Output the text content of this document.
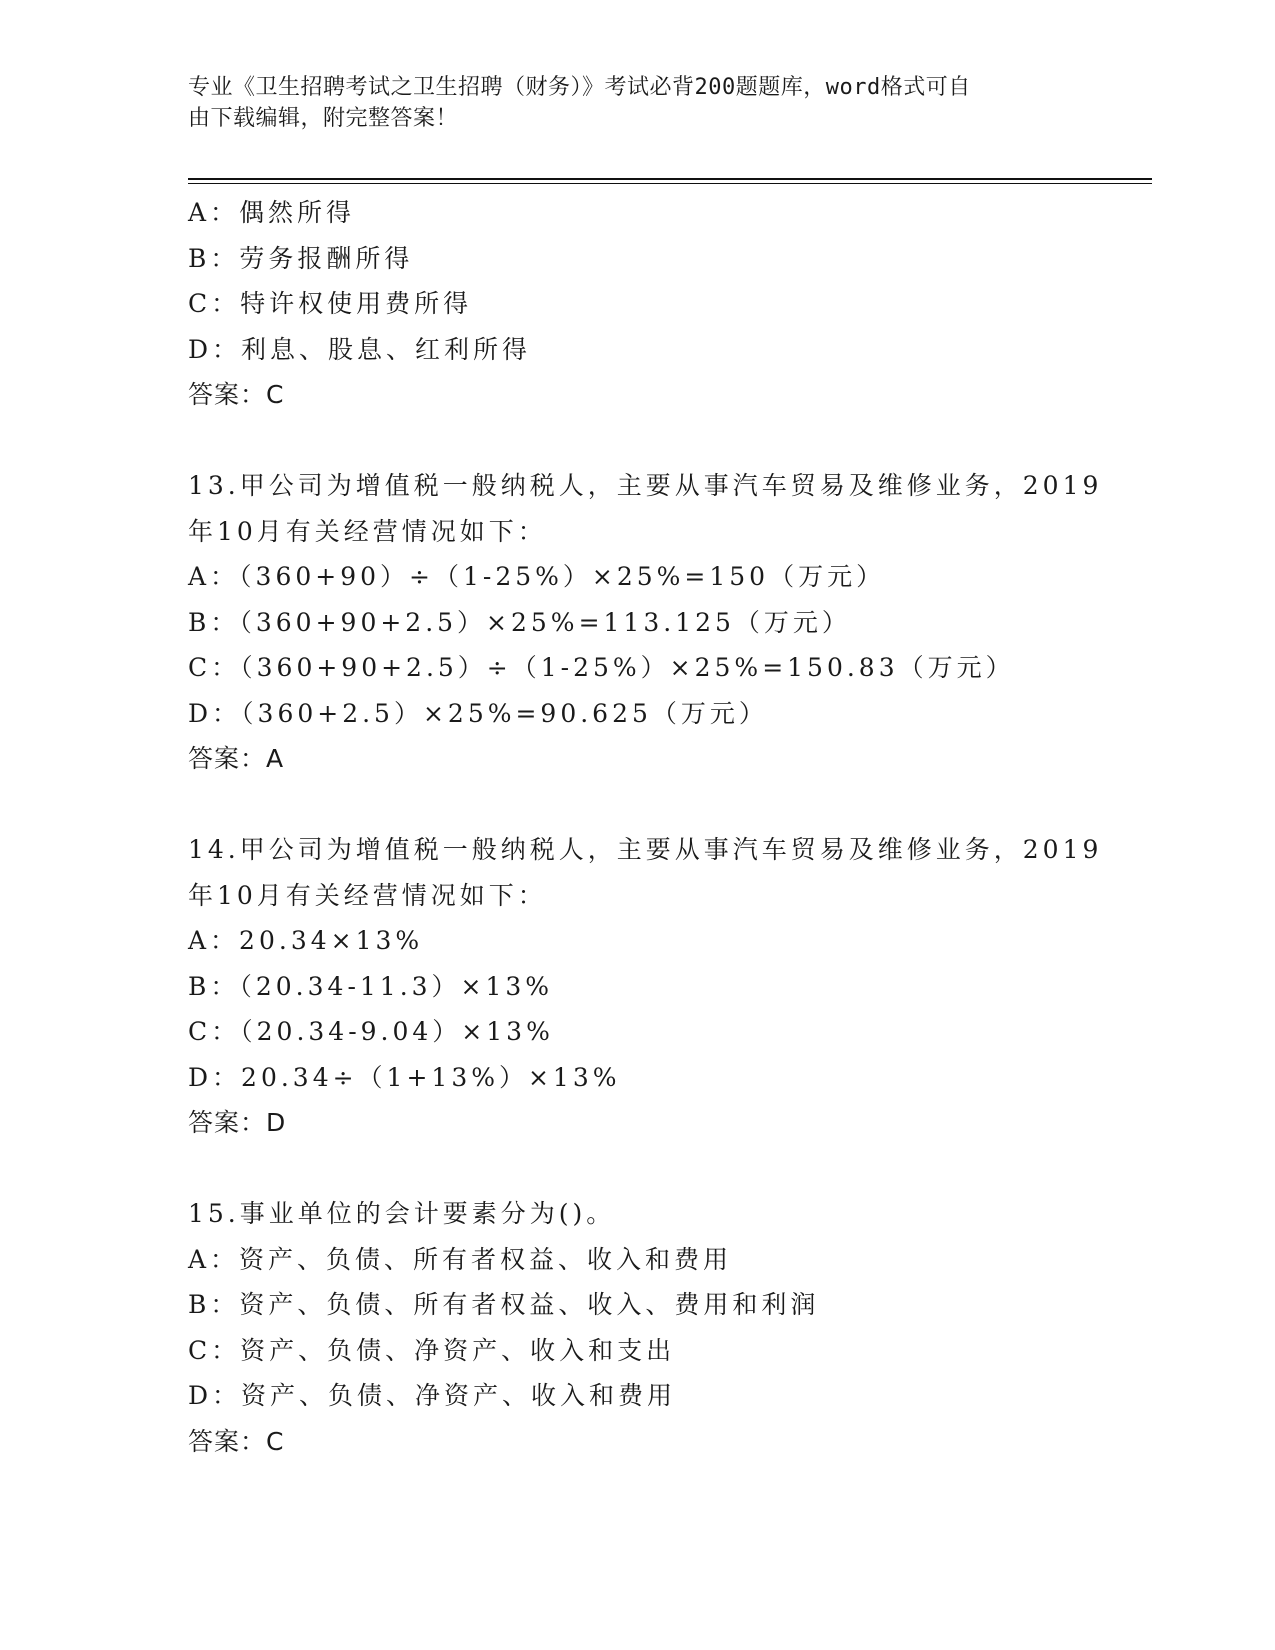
专业《卫生招聘考试之卫生招聘（财务）》考试必背200题题库，word格式可自
由下载编辑，附完整答案！
A：偶然所得
B：劳务报酬所得
C：特许权使用费所得
D：利息、股息、红利所得
答案：C
13.甲公司为增值税一般纳税人，主要从事汽车贸易及维修业务，2019
年10月有关经营情况如下：
A：（360+90）÷（1-25%）×25%=150（万元）
B：（360+90+2.5）×25%=113.125（万元）
C：（360+90+2.5）÷（1-25%）×25%=150.83（万元）
D：（360+2.5）×25%=90.625（万元）
答案：A
14.甲公司为增值税一般纳税人，主要从事汽车贸易及维修业务，2019
年10月有关经营情况如下：
A：20.34×13%
B：（20.34-11.3）×13%
C：（20.34-9.04）×13%
D：20.34÷（1+13%）×13%
答案：D
15.事业单位的会计要素分为()。
A：资产、负债、所有者权益、收入和费用
B：资产、负债、所有者权益、收入、费用和利润
C：资产、负债、净资产、收入和支出
D：资产、负债、净资产、收入和费用
答案：C
